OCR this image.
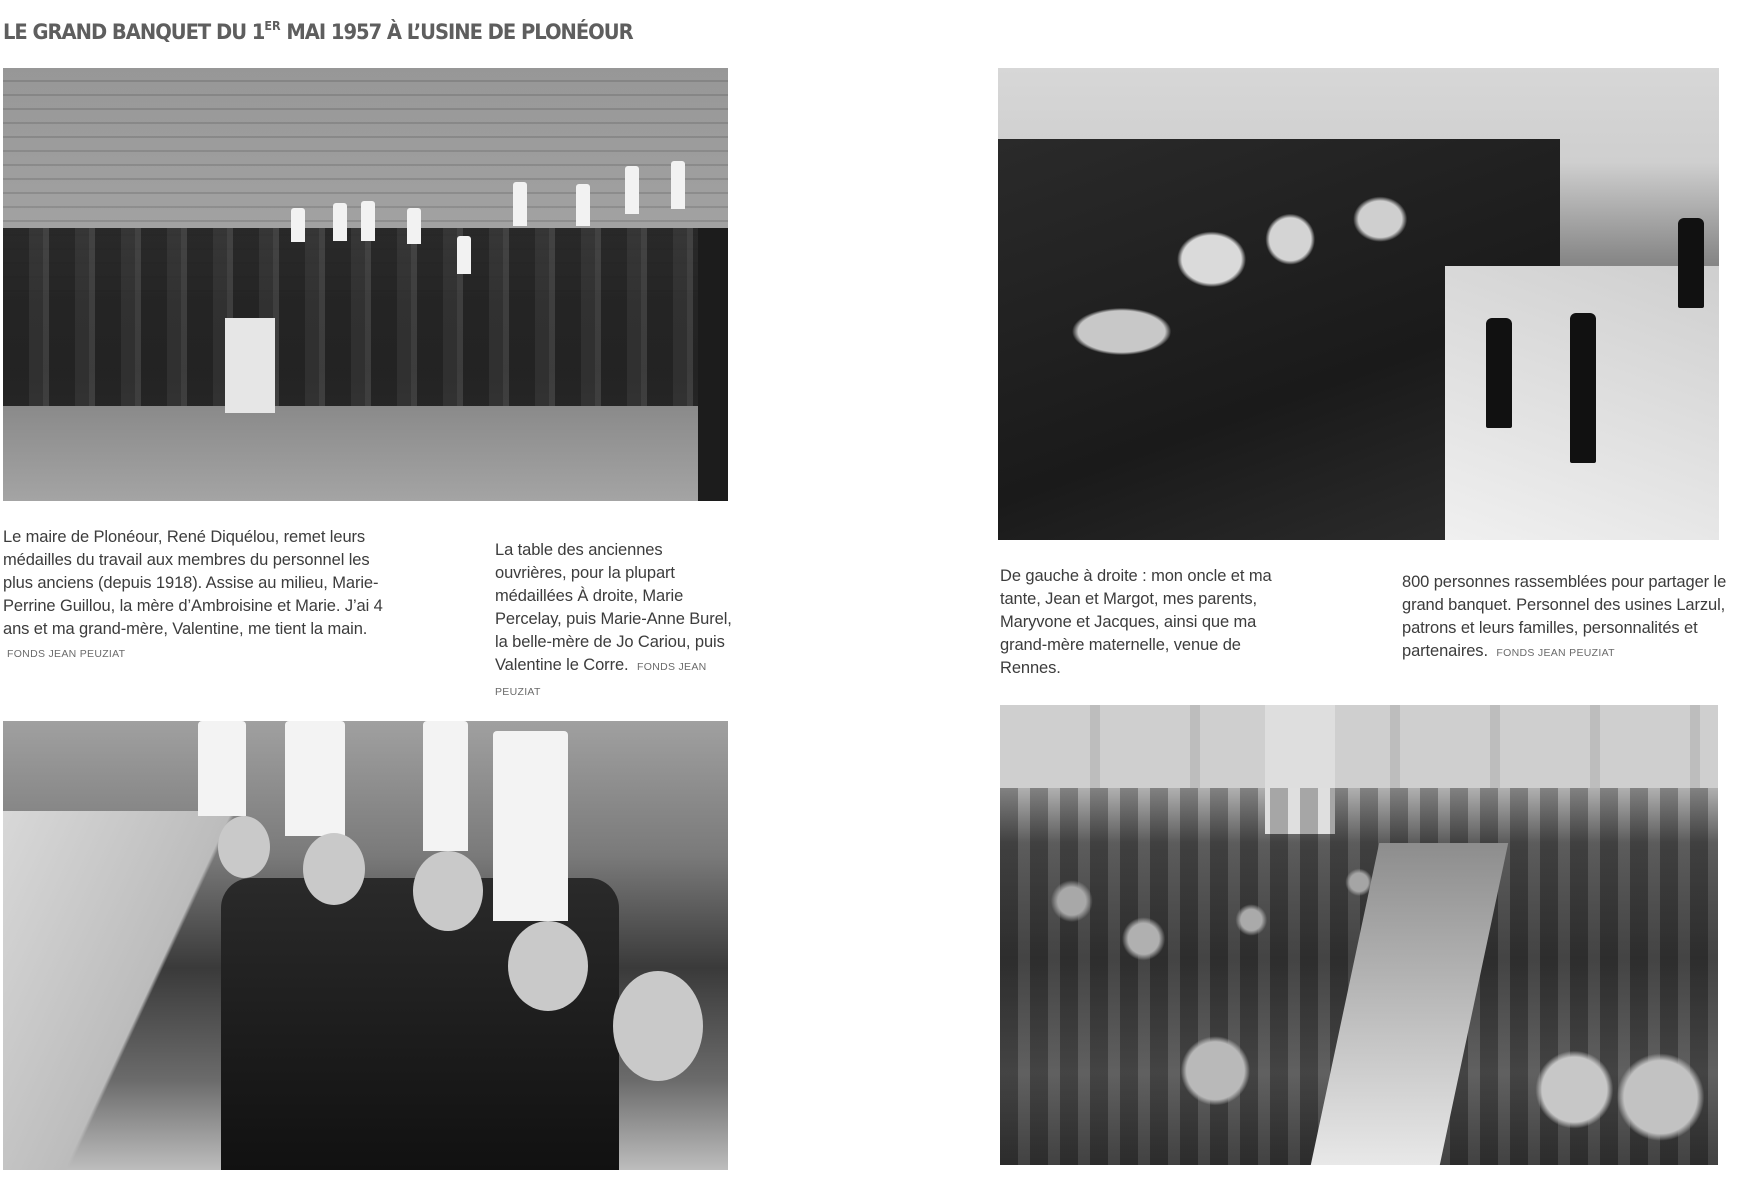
LE GRAND BANQUET DU 1ER MAI 1957 À L’USINE DE PLONÉOUR
Le maire de Plonéour, René Diquélou, remet leurs médailles du travail aux membres du personnel les plus anciens (depuis 1918). Assise au milieu, Marie-Perrine Guillou, la mère d’Ambroisine et Marie. J’ai 4 ans et ma grand-mère, Valentine, me tient la main. FONDS JEAN PEUZIAT
La table des anciennes ouvrières, pour la plupart médaillées À droite, Marie Percelay, puis Marie-Anne Burel, la belle-mère de Jo Cariou, puis Valentine le Corre. FONDS JEAN PEUZIAT
De gauche à droite : mon oncle et ma tante, Jean et Margot, mes parents, Maryvone et Jacques, ainsi que ma grand-mère maternelle, venue de Rennes.
800 personnes rassemblées pour partager le grand banquet. Personnel des usines Larzul, patrons et leurs familles, personnalités et partenaires. FONDS JEAN PEUZIAT
